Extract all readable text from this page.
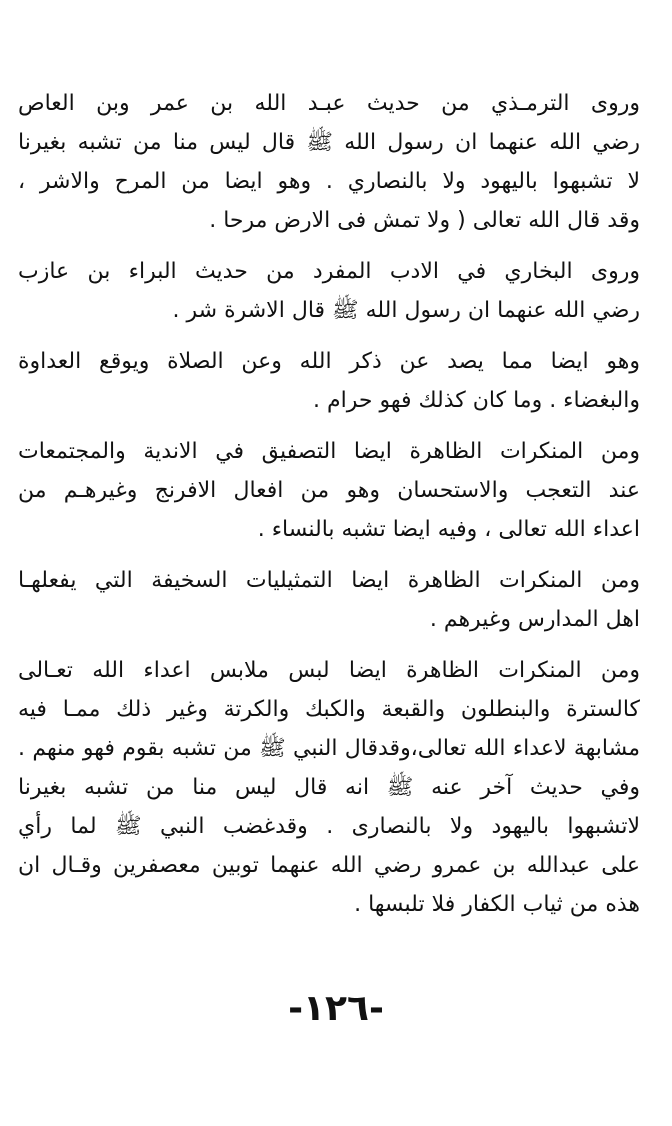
وروى الترمـذي من حديث عبـد الله بن عمر وبن العاص
رضي الله عنهما ان رسول الله ﷺ قال ليس منا من تشبه بغيرنا
لا تشبهوا باليهود ولا بالنصاري . وهو ايضا من المرح والاشر ،
وقد قال الله تعالى ( ولا تمش فى الارض مرحا .
وروى البخاري في الادب المفرد من حديث البراء بن عازب
رضي الله عنهما ان رسول الله ﷺ قال الاشرة شر .
وهو ايضا مما يصد عن ذكر الله وعن الصلاة ويوقع العداوة
والبغضاء . وما كان كذلك فهو حرام .
ومن المنكرات الظاهرة ايضا التصفيق في الاندية والمجتمعات
عند التعجب والاستحسان وهو من افعال الافرنج وغيرهـم من
اعداء الله تعالى ، وفيه ايضا تشبه بالنساء .
ومن المنكرات الظاهرة ايضا التمثيليات السخيفة التي يفعلهـا
اهل المدارس وغيرهم .
ومن المنكرات الظاهرة ايضا لبس ملابس اعداء الله تعـالى
كالسترة والبنطلون والقبعة والكبك والكرتة وغير ذلك ممـا فيه
مشابهة لاعداء الله تعالى،وقدقال النبي ﷺ من تشبه بقوم فهو منهم .
وفي حديث آخر عنه ﷺ انه قال ليس منا من تشبه بغيرنا
لاتشبهوا باليهود ولا بالنصارى . وقدغضب النبي ﷺ لما رأي
على عبدالله بن عمرو رضي الله عنهما توبين معصفرين وقـال ان
هذه من ثياب الكفار فلا تلبسها .
-١٢٦-
